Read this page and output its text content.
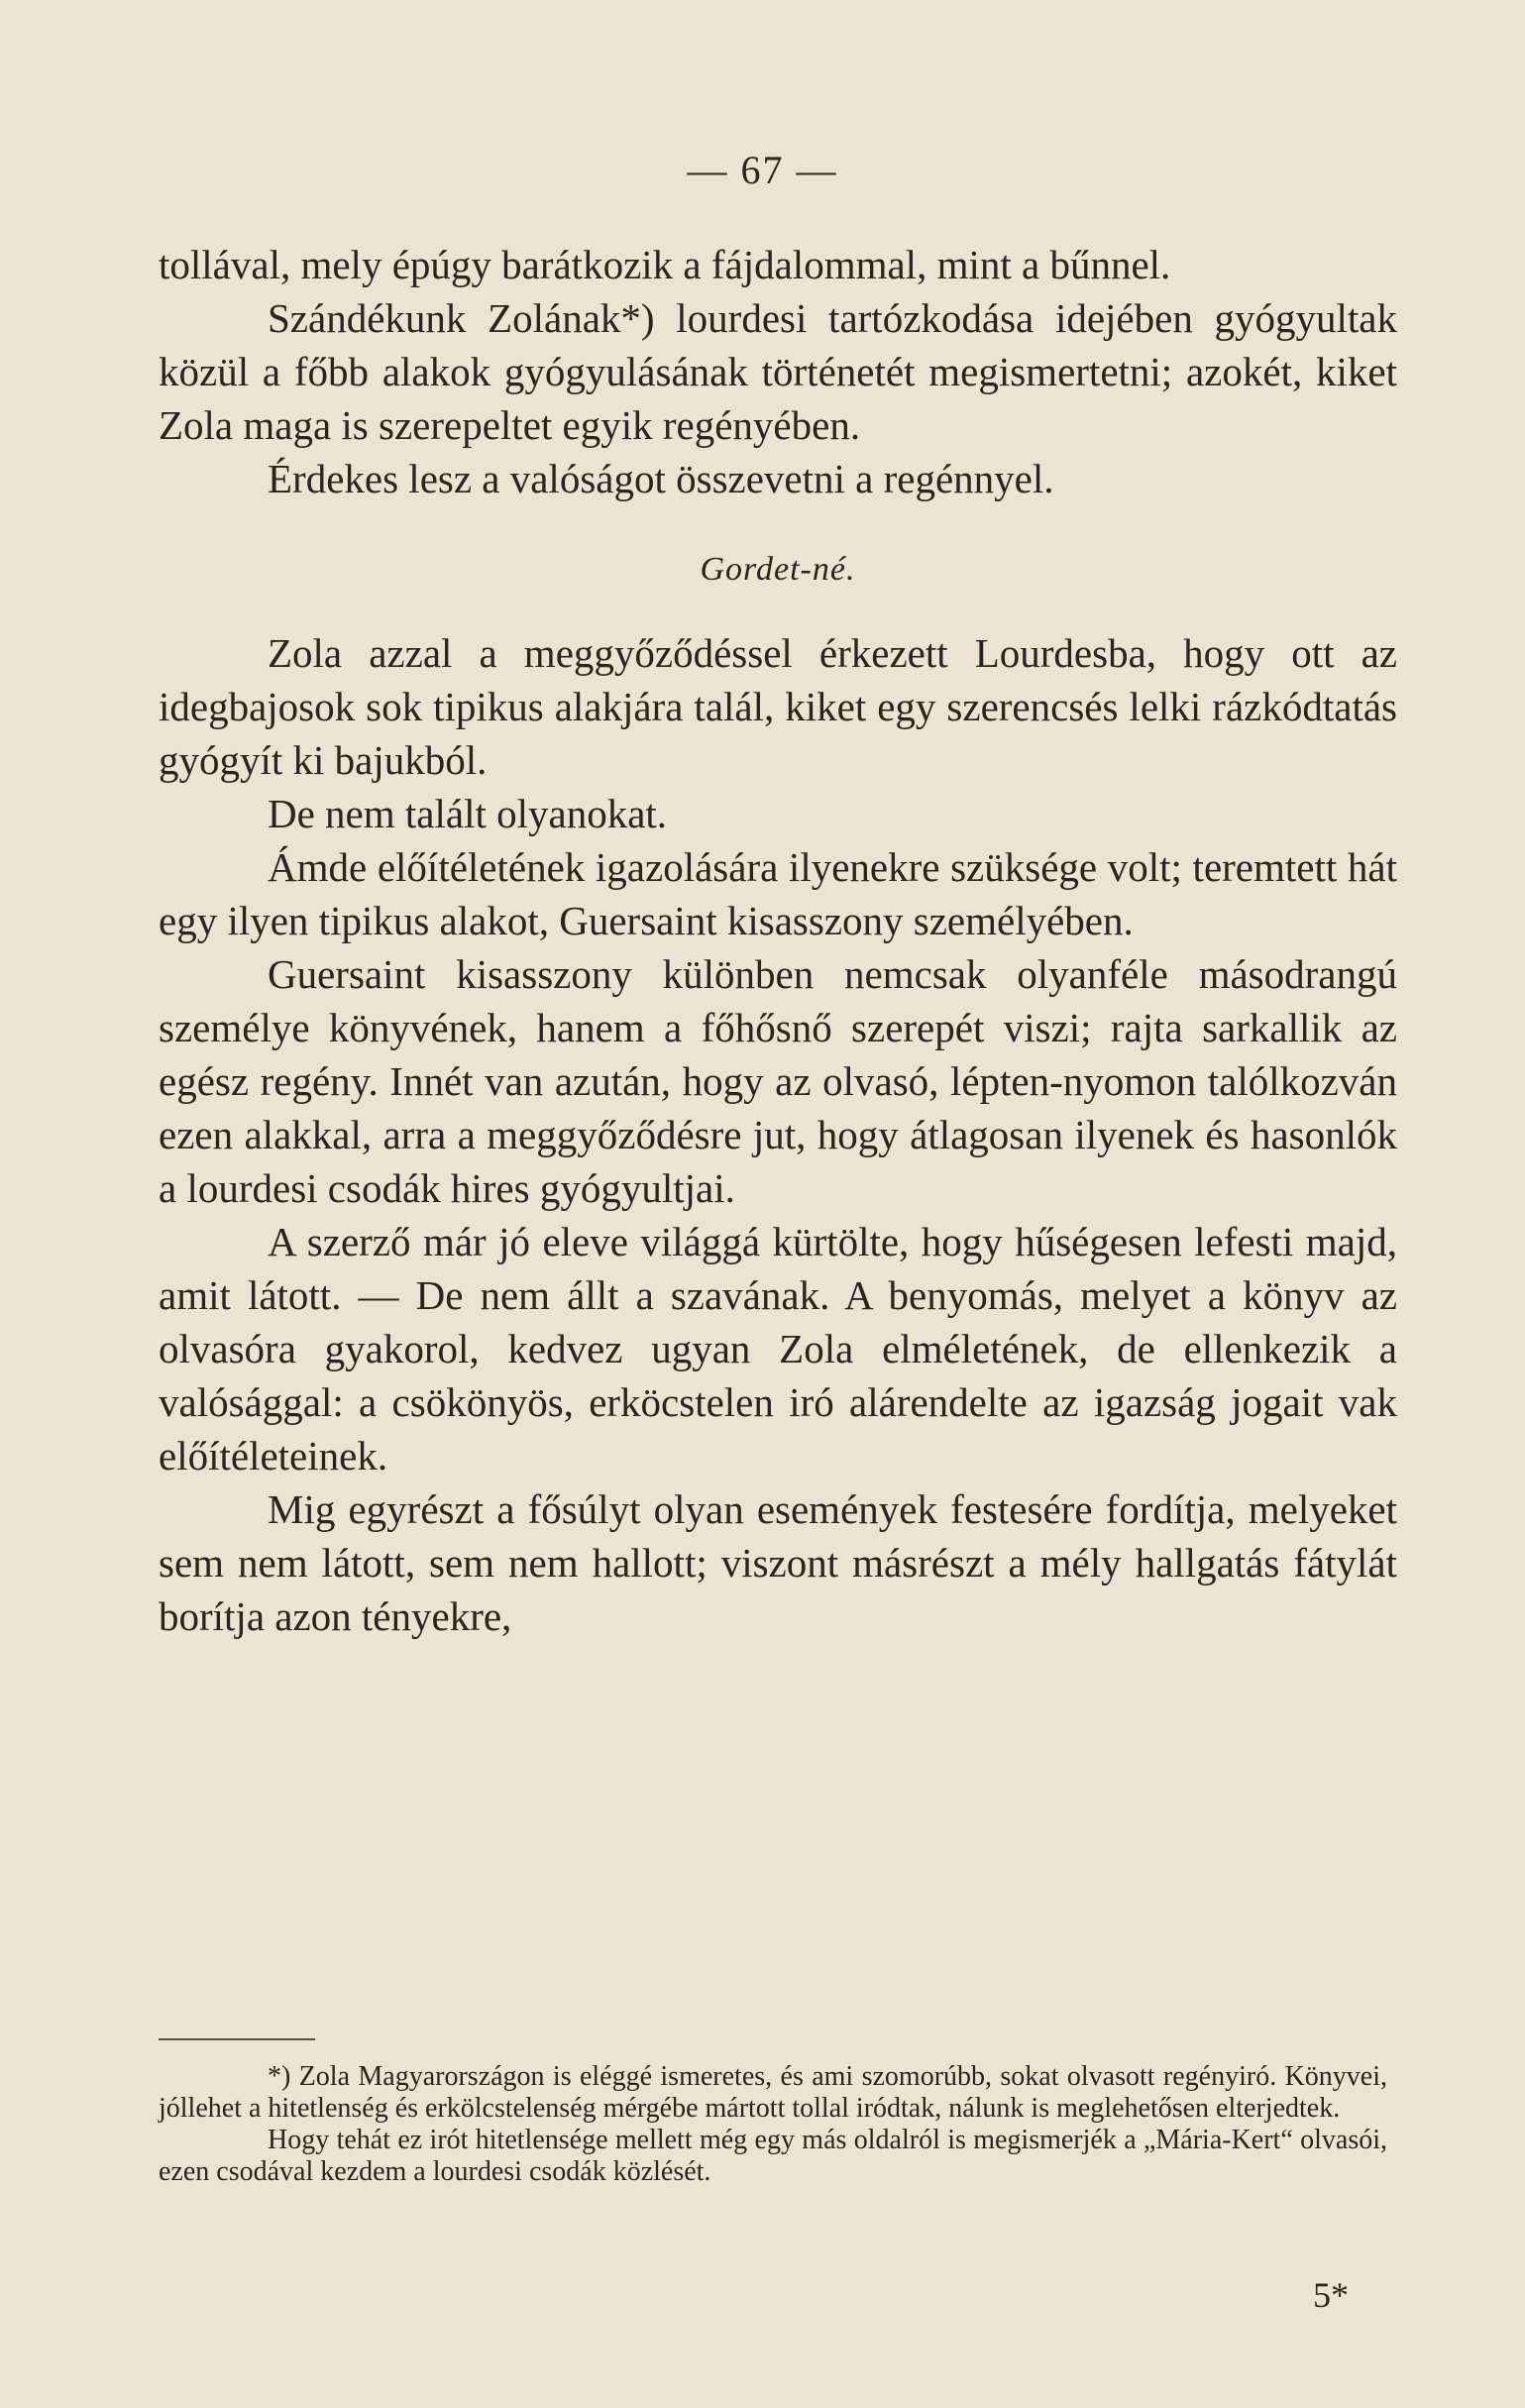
— 67 —

tollával, mely épúgy barátkozik a fájdalommal, mint a bűnnel.

Szándékunk Zolának*) lourdesi tartózkodása idejében gyógyultak közül a főbb alakok gyógyulásának történetét megismertetni; azokét, kiket Zola maga is szerepeltet egyik regényében.

Érdekes lesz a valóságot összevetni a regénnyel.

Gordet-né.

Zola azzal a meggyőződéssel érkezett Lourdesba, hogy ott az idegbajosok sok tipikus alakjára talál, kiket egy szerencsés lelki rázkódtatás gyógyít ki bajukból.

De nem talált olyanokat.

Ámde előítéletének igazolására ilyenekre szüksége volt; teremtett hát egy ilyen tipikus alakot, Guersaint kisasszony személyében.

Guersaint kisasszony különben nemcsak olyanféle másodrangú személye könyvének, hanem a főhősnő szerepét viszi; rajta sarkallik az egész regény. Innét van azután, hogy az olvasó, lépten-nyomon talólkozván ezen alakkal, arra a meggyőződésre jut, hogy átlagosan ilyenek és hasonlók a lourdesi csodák hires gyógyultjai.

A szerző már jó eleve világgá kürtölte, hogy hűségesen lefesti majd, amit látott. — De nem állt a szavának. A benyomás, melyet a könyv az olvasóra gyakorol, kedvez ugyan Zola elméletének, de ellenkezik a valósággal: a csökönyös, erköcstelen iró alárendelte az igazság jogait vak előítéleteinek.

Mig egyrészt a fősúlyt olyan események festesére fordítja, melyeket sem nem látott, sem nem hallott; viszont másrészt a mély hallgatás fátylát borítja azon tényekre,

*) Zola Magyarországon is eléggé ismeretes, és ami szomorúbb, sokat olvasott regényiró. Könyvei, jóllehet a hitetlenség és erkölcstelenség mérgébe mártott tollal iródtak, nálunk is meglehetősen elterjedtek.

Hogy tehát ez irót hitetlensége mellett még egy más oldalról is megismerjék a „Mária-Kert“ olvasói, ezen csodával kezdem a lourdesi csodák közlését.

5*
